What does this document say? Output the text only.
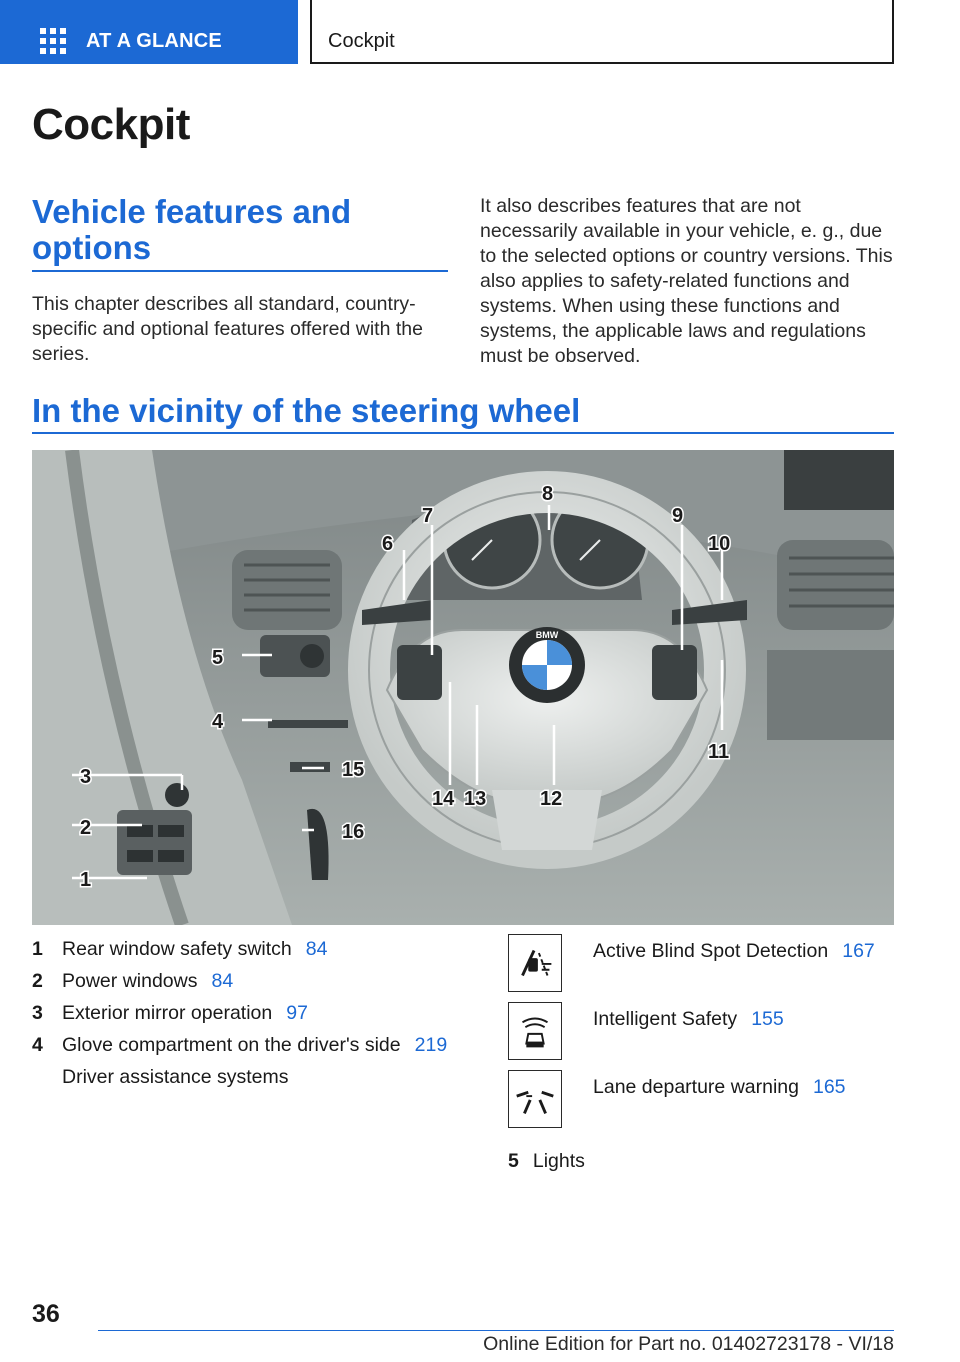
AT A GLANCE	Cockpit
Cockpit
Vehicle features and options
This chapter describes all standard, country-specific and optional features offered with the series.
It also describes features that are not necessarily available in your vehicle, e. g., due to the selected options or country versions. This also applies to safety-related functions and systems. When using these functions and systems, the applicable laws and regulations must be observed.
In the vicinity of the steering wheel
BMW
1
2
3
4
5
6
7
8
9
10
11
12
13
14
15
16
1 Rear window safety switch 84
2 Power windows 84
3 Exterior mirror operation 97
4 Glove compartment on the driver's side 219
Driver assistance systems
Active Blind Spot Detection 167
Intelligent Safety 155
Lane departure warning 165
5 Lights
36
Online Edition for Part no. 01402723178 - VI/18
